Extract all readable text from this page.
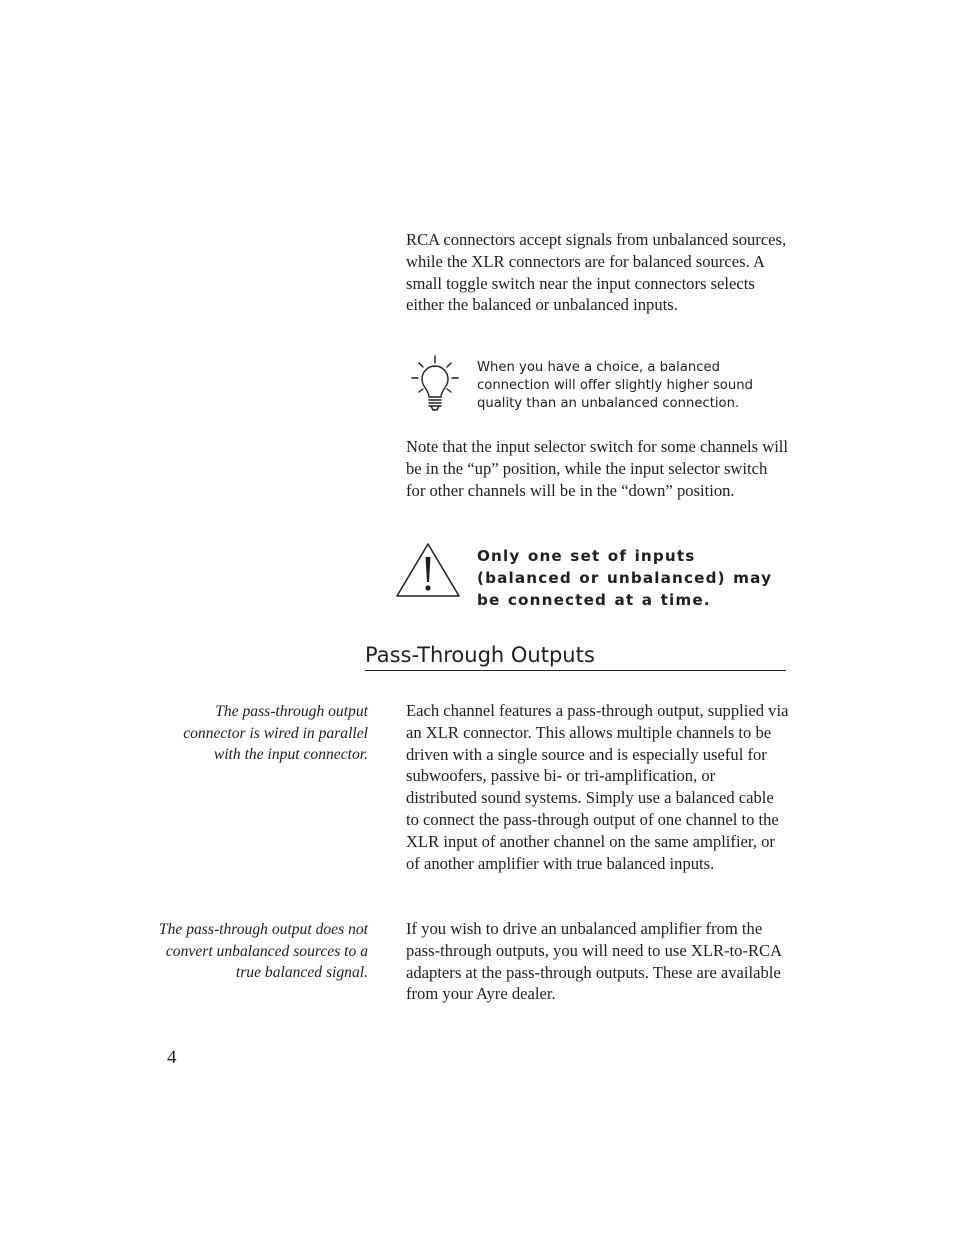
RCA connectors accept signals from unbalanced sources, while the XLR connectors are for balanced sources. A small toggle switch near the input connectors selects either the balanced or unbalanced inputs.

When you have a choice, a balanced connection will offer slightly higher sound quality than an unbalanced connection.

Note that the input selector switch for some channels will be in the “up” position, while the input selector switch for other channels will be in the “down” position.

Only one set of inputs (balanced or unbalanced) may be connected at a time.

Pass-Through Outputs

The pass-through output connector is wired in parallel with the input connector.

Each channel features a pass-through output, supplied via an XLR connector. This allows multiple channels to be driven with a single source and is especially useful for subwoofers, passive bi- or tri-amplification, or distributed sound systems. Simply use a balanced cable to connect the pass-through output of one channel to the XLR input of another channel on the same amplifier, or of another amplifier with true balanced inputs.

The pass-through output does not convert unbalanced sources to a true balanced signal.

If you wish to drive an unbalanced amplifier from the pass-through outputs, you will need to use XLR-to-RCA adapters at the pass-through outputs. These are available from your Ayre dealer.

4
